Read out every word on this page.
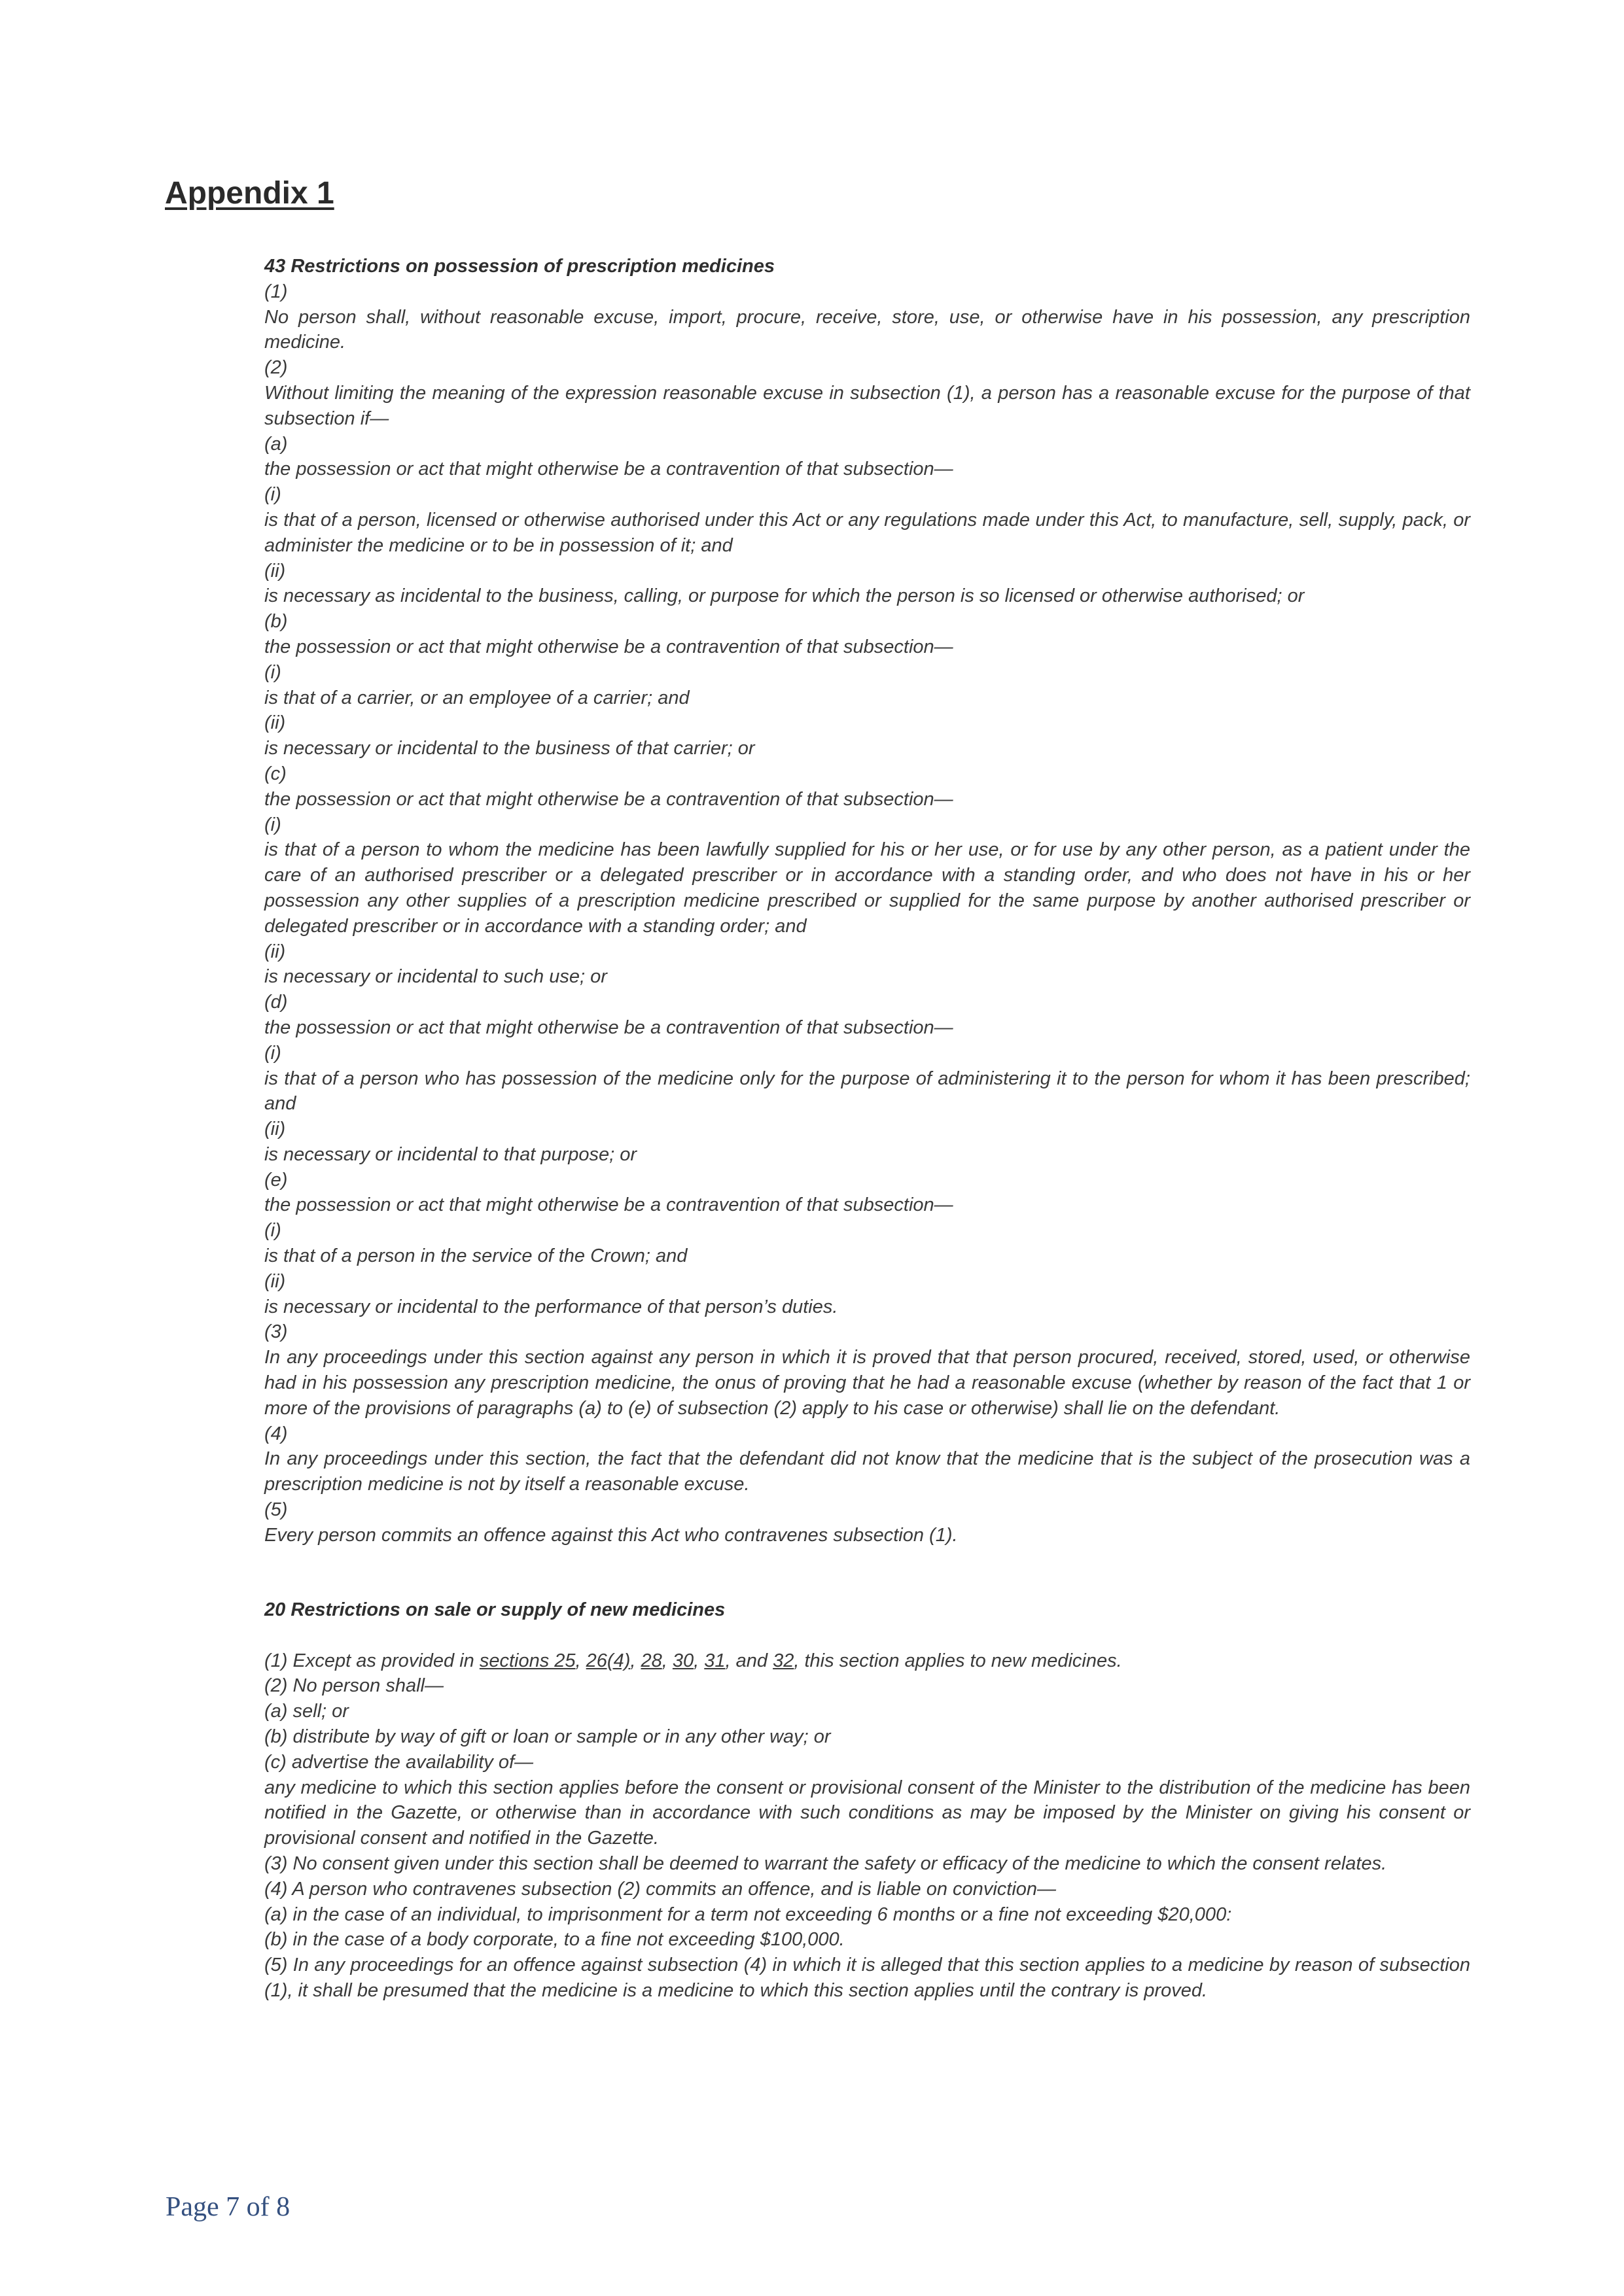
Appendix 1

43 Restrictions on possession of prescription medicines

(1)

No person shall, without reasonable excuse, import, procure, receive, store, use, or otherwise have in his possession, any prescription medicine.

(2)

Without limiting the meaning of the expression reasonable excuse in subsection (1), a person has a reasonable excuse for the purpose of that subsection if—

(a)

the possession or act that might otherwise be a contravention of that subsection—

(i)

is that of a person, licensed or otherwise authorised under this Act or any regulations made under this Act, to manufacture, sell, supply, pack, or administer the medicine or to be in possession of it; and

(ii)

is necessary as incidental to the business, calling, or purpose for which the person is so licensed or otherwise authorised; or

(b)

the possession or act that might otherwise be a contravention of that subsection—

(i)

is that of a carrier, or an employee of a carrier; and

(ii)

is necessary or incidental to the business of that carrier; or

(c)

the possession or act that might otherwise be a contravention of that subsection—

(i)

is that of a person to whom the medicine has been lawfully supplied for his or her use, or for use by any other person, as a patient under the care of an authorised prescriber or a delegated prescriber or in accordance with a standing order, and who does not have in his or her possession any other supplies of a prescription medicine prescribed or supplied for the same purpose by another authorised prescriber or delegated prescriber or in accordance with a standing order; and

(ii)

is necessary or incidental to such use; or

(d)

the possession or act that might otherwise be a contravention of that subsection—

(i)

is that of a person who has possession of the medicine only for the purpose of administering it to the person for whom it has been prescribed; and

(ii)

is necessary or incidental to that purpose; or

(e)

the possession or act that might otherwise be a contravention of that subsection—

(i)

is that of a person in the service of the Crown; and

(ii)

is necessary or incidental to the performance of that person’s duties.

(3)

In any proceedings under this section against any person in which it is proved that that person procured, received, stored, used, or otherwise had in his possession any prescription medicine, the onus of proving that he had a reasonable excuse (whether by reason of the fact that 1 or more of the provisions of paragraphs (a) to (e) of subsection (2) apply to his case or otherwise) shall lie on the defendant.

(4)

In any proceedings under this section, the fact that the defendant did not know that the medicine that is the subject of the prosecution was a prescription medicine is not by itself a reasonable excuse.

(5)

Every person commits an offence against this Act who contravenes subsection (1).

20 Restrictions on sale or supply of new medicines

(1) Except as provided in sections 25, 26(4), 28, 30, 31, and 32, this section applies to new medicines.

(2) No person shall—

(a) sell; or

(b) distribute by way of gift or loan or sample or in any other way; or

(c) advertise the availability of—

any medicine to which this section applies before the consent or provisional consent of the Minister to the distribution of the medicine has been notified in the Gazette, or otherwise than in accordance with such conditions as may be imposed by the Minister on giving his consent or provisional consent and notified in the Gazette.

(3) No consent given under this section shall be deemed to warrant the safety or efficacy of the medicine to which the consent relates.

(4) A person who contravenes subsection (2) commits an offence, and is liable on conviction—

(a) in the case of an individual, to imprisonment for a term not exceeding 6 months or a fine not exceeding $20,000:

(b) in the case of a body corporate, to a fine not exceeding $100,000.

(5) In any proceedings for an offence against subsection (4) in which it is alleged that this section applies to a medicine by reason of subsection (1), it shall be presumed that the medicine is a medicine to which this section applies until the contrary is proved.

Page 7 of 8
